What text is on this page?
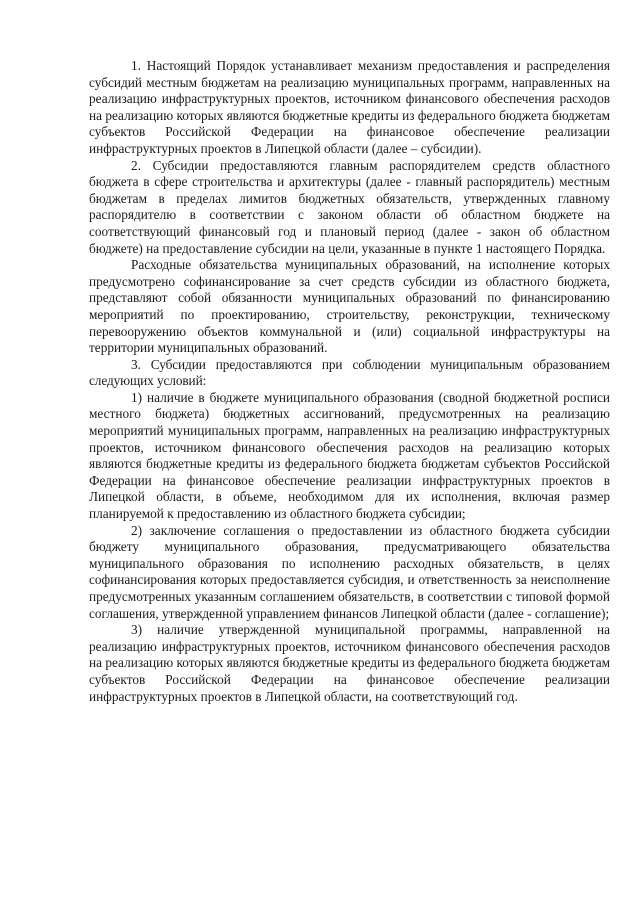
1. Настоящий Порядок устанавливает механизм предоставления и распределения субсидий местным бюджетам на реализацию муниципальных программ, направленных на реализацию инфраструктурных проектов, источником финансового обеспечения расходов на реализацию которых являются бюджетные кредиты из федерального бюджета бюджетам субъектов Российской Федерации на финансовое обеспечение реализации инфраструктурных проектов в Липецкой области (далее – субсидии).

2. Субсидии предоставляются главным распорядителем средств областного бюджета в сфере строительства и архитектуры (далее - главный распорядитель) местным бюджетам в пределах лимитов бюджетных обязательств, утвержденных главному распорядителю в соответствии с законом области об областном бюджете на соответствующий финансовый год и плановый период (далее - закон об областном бюджете) на предоставление субсидии на цели, указанные в пункте 1 настоящего Порядка.

Расходные обязательства муниципальных образований, на исполнение которых предусмотрено софинансирование за счет средств субсидии из областного бюджета, представляют собой обязанности муниципальных образований по финансированию мероприятий по проектированию, строительству, реконструкции, техническому перевооружению объектов коммунальной и (или) социальной инфраструктуры на территории муниципальных образований.

3. Субсидии предоставляются при соблюдении муниципальным образованием следующих условий:

1) наличие в бюджете муниципального образования (сводной бюджетной росписи местного бюджета) бюджетных ассигнований, предусмотренных на реализацию мероприятий муниципальных программ, направленных на реализацию инфраструктурных проектов, источником финансового обеспечения расходов на реализацию которых являются бюджетные кредиты из федерального бюджета бюджетам субъектов Российской Федерации на финансовое обеспечение реализации инфраструктурных проектов в Липецкой области, в объеме, необходимом для их исполнения, включая размер планируемой к предоставлению из областного бюджета субсидии;

2) заключение соглашения о предоставлении из областного бюджета субсидии бюджету муниципального образования, предусматривающего обязательства муниципального образования по исполнению расходных обязательств, в целях софинансирования которых предоставляется субсидия, и ответственность за неисполнение предусмотренных указанным соглашением обязательств, в соответствии с типовой формой соглашения, утвержденной управлением финансов Липецкой области (далее - соглашение);

3) наличие утвержденной муниципальной программы, направленной на реализацию инфраструктурных проектов, источником финансового обеспечения расходов на реализацию которых являются бюджетные кредиты из федерального бюджета бюджетам субъектов Российской Федерации на финансовое обеспечение реализации инфраструктурных проектов в Липецкой области, на соответствующий год.
